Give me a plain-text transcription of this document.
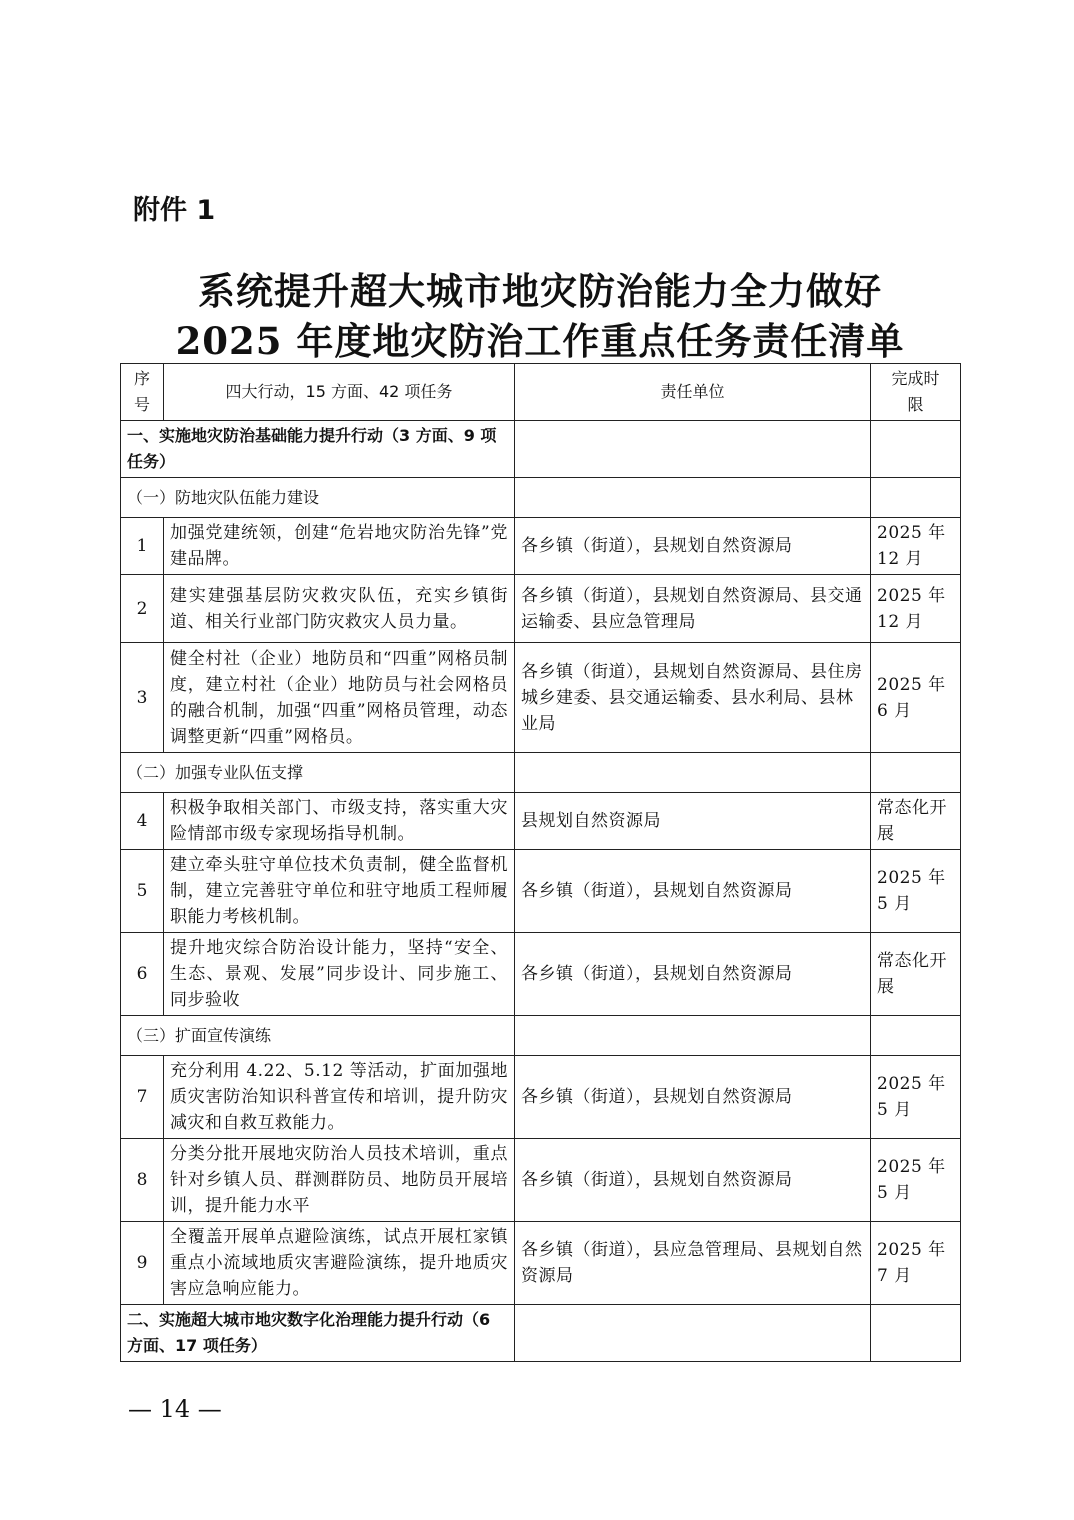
附件 1
系统提升超大城市地灾防治能力全力做好
2025 年度地灾防治工作重点任务责任清单
序号	四大行动，15 方面、42 项任务	责任单位	完成时限
一、实施地灾防治基础能力提升行动（3 方面、9 项任务）			
（一）防地灾队伍能力建设			
1	加强党建统领，创建“危岩地灾防治先锋”党建品牌。	各乡镇（街道），县规划自然资源局	2025 年12 月
2	建实建强基层防灾救灾队伍，充实乡镇街道、相关行业部门防灾救灾人员力量。	各乡镇（街道），县规划自然资源局、县交通运输委、县应急管理局	2025 年12 月
3	健全村社（企业）地防员和“四重”网格员制度，建立村社（企业）地防员与社会网格员的融合机制，加强“四重”网格员管理，动态调整更新“四重”网格员。	各乡镇（街道），县规划自然资源局、县住房城乡建委、县交通运输委、县水利局、县林业局	2025 年6 月
（二）加强专业队伍支撑			
4	积极争取相关部门、市级支持，落实重大灾险情部市级专家现场指导机制。	县规划自然资源局	常态化开展
5	建立牵头驻守单位技术负责制，健全监督机制，建立完善驻守单位和驻守地质工程师履职能力考核机制。	各乡镇（街道），县规划自然资源局	2025 年5 月
6	提升地灾综合防治设计能力，坚持“安全、生态、景观、发展”同步设计、同步施工、同步验收	各乡镇（街道），县规划自然资源局	常态化开展
（三）扩面宣传演练			
7	充分利用 4.22、5.12 等活动，扩面加强地质灾害防治知识科普宣传和培训，提升防灾减灾和自救互救能力。	各乡镇（街道），县规划自然资源局	2025 年5 月
8	分类分批开展地灾防治人员技术培训，重点针对乡镇人员、群测群防员、地防员开展培训，提升能力水平	各乡镇（街道），县规划自然资源局	2025 年5 月
9	全覆盖开展单点避险演练，试点开展杠家镇重点小流域地质灾害避险演练，提升地质灾害应急响应能力。	各乡镇（街道），县应急管理局、县规划自然资源局	2025 年7 月
二、实施超大城市地灾数字化治理能力提升行动（6 方面、17 项任务）			
— 14 —
